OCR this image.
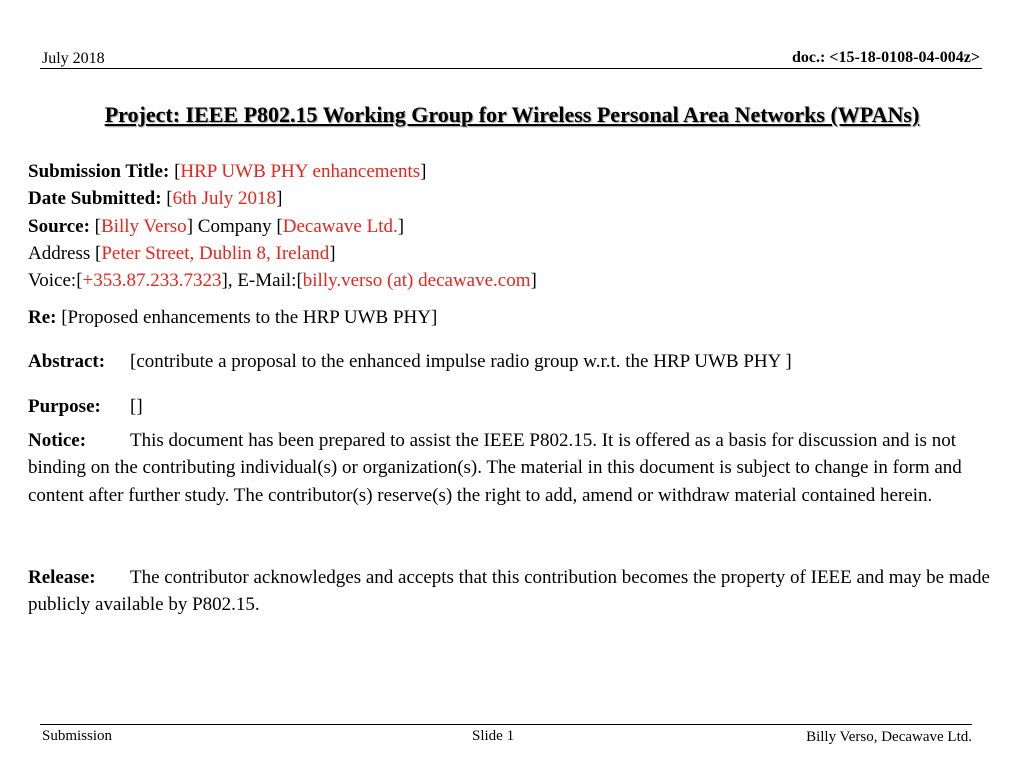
July 2018	doc.: <15-18-0108-04-004z>
Project: IEEE P802.15 Working Group for Wireless Personal Area Networks (WPANs)
Submission Title: [HRP UWB PHY enhancements]
Date Submitted: [6th July 2018]
Source: [Billy Verso] Company [Decawave Ltd.]
Address [Peter Street, Dublin 8, Ireland]
Voice:[+353.87.233.7323], E-Mail:[billy.verso (at) decawave.com]
Re: [Proposed enhancements to the HRP UWB PHY]
Abstract: [contribute a proposal to the enhanced impulse radio group w.r.t. the HRP UWB PHY ]
Purpose: []
Notice: This document has been prepared to assist the IEEE P802.15. It is offered as a basis for discussion and is not binding on the contributing individual(s) or organization(s). The material in this document is subject to change in form and content after further study. The contributor(s) reserve(s) the right to add, amend or withdraw material contained herein.
Release: The contributor acknowledges and accepts that this contribution becomes the property of IEEE and may be made publicly available by P802.15.
Submission	Slide 1	Billy Verso, Decawave Ltd.
